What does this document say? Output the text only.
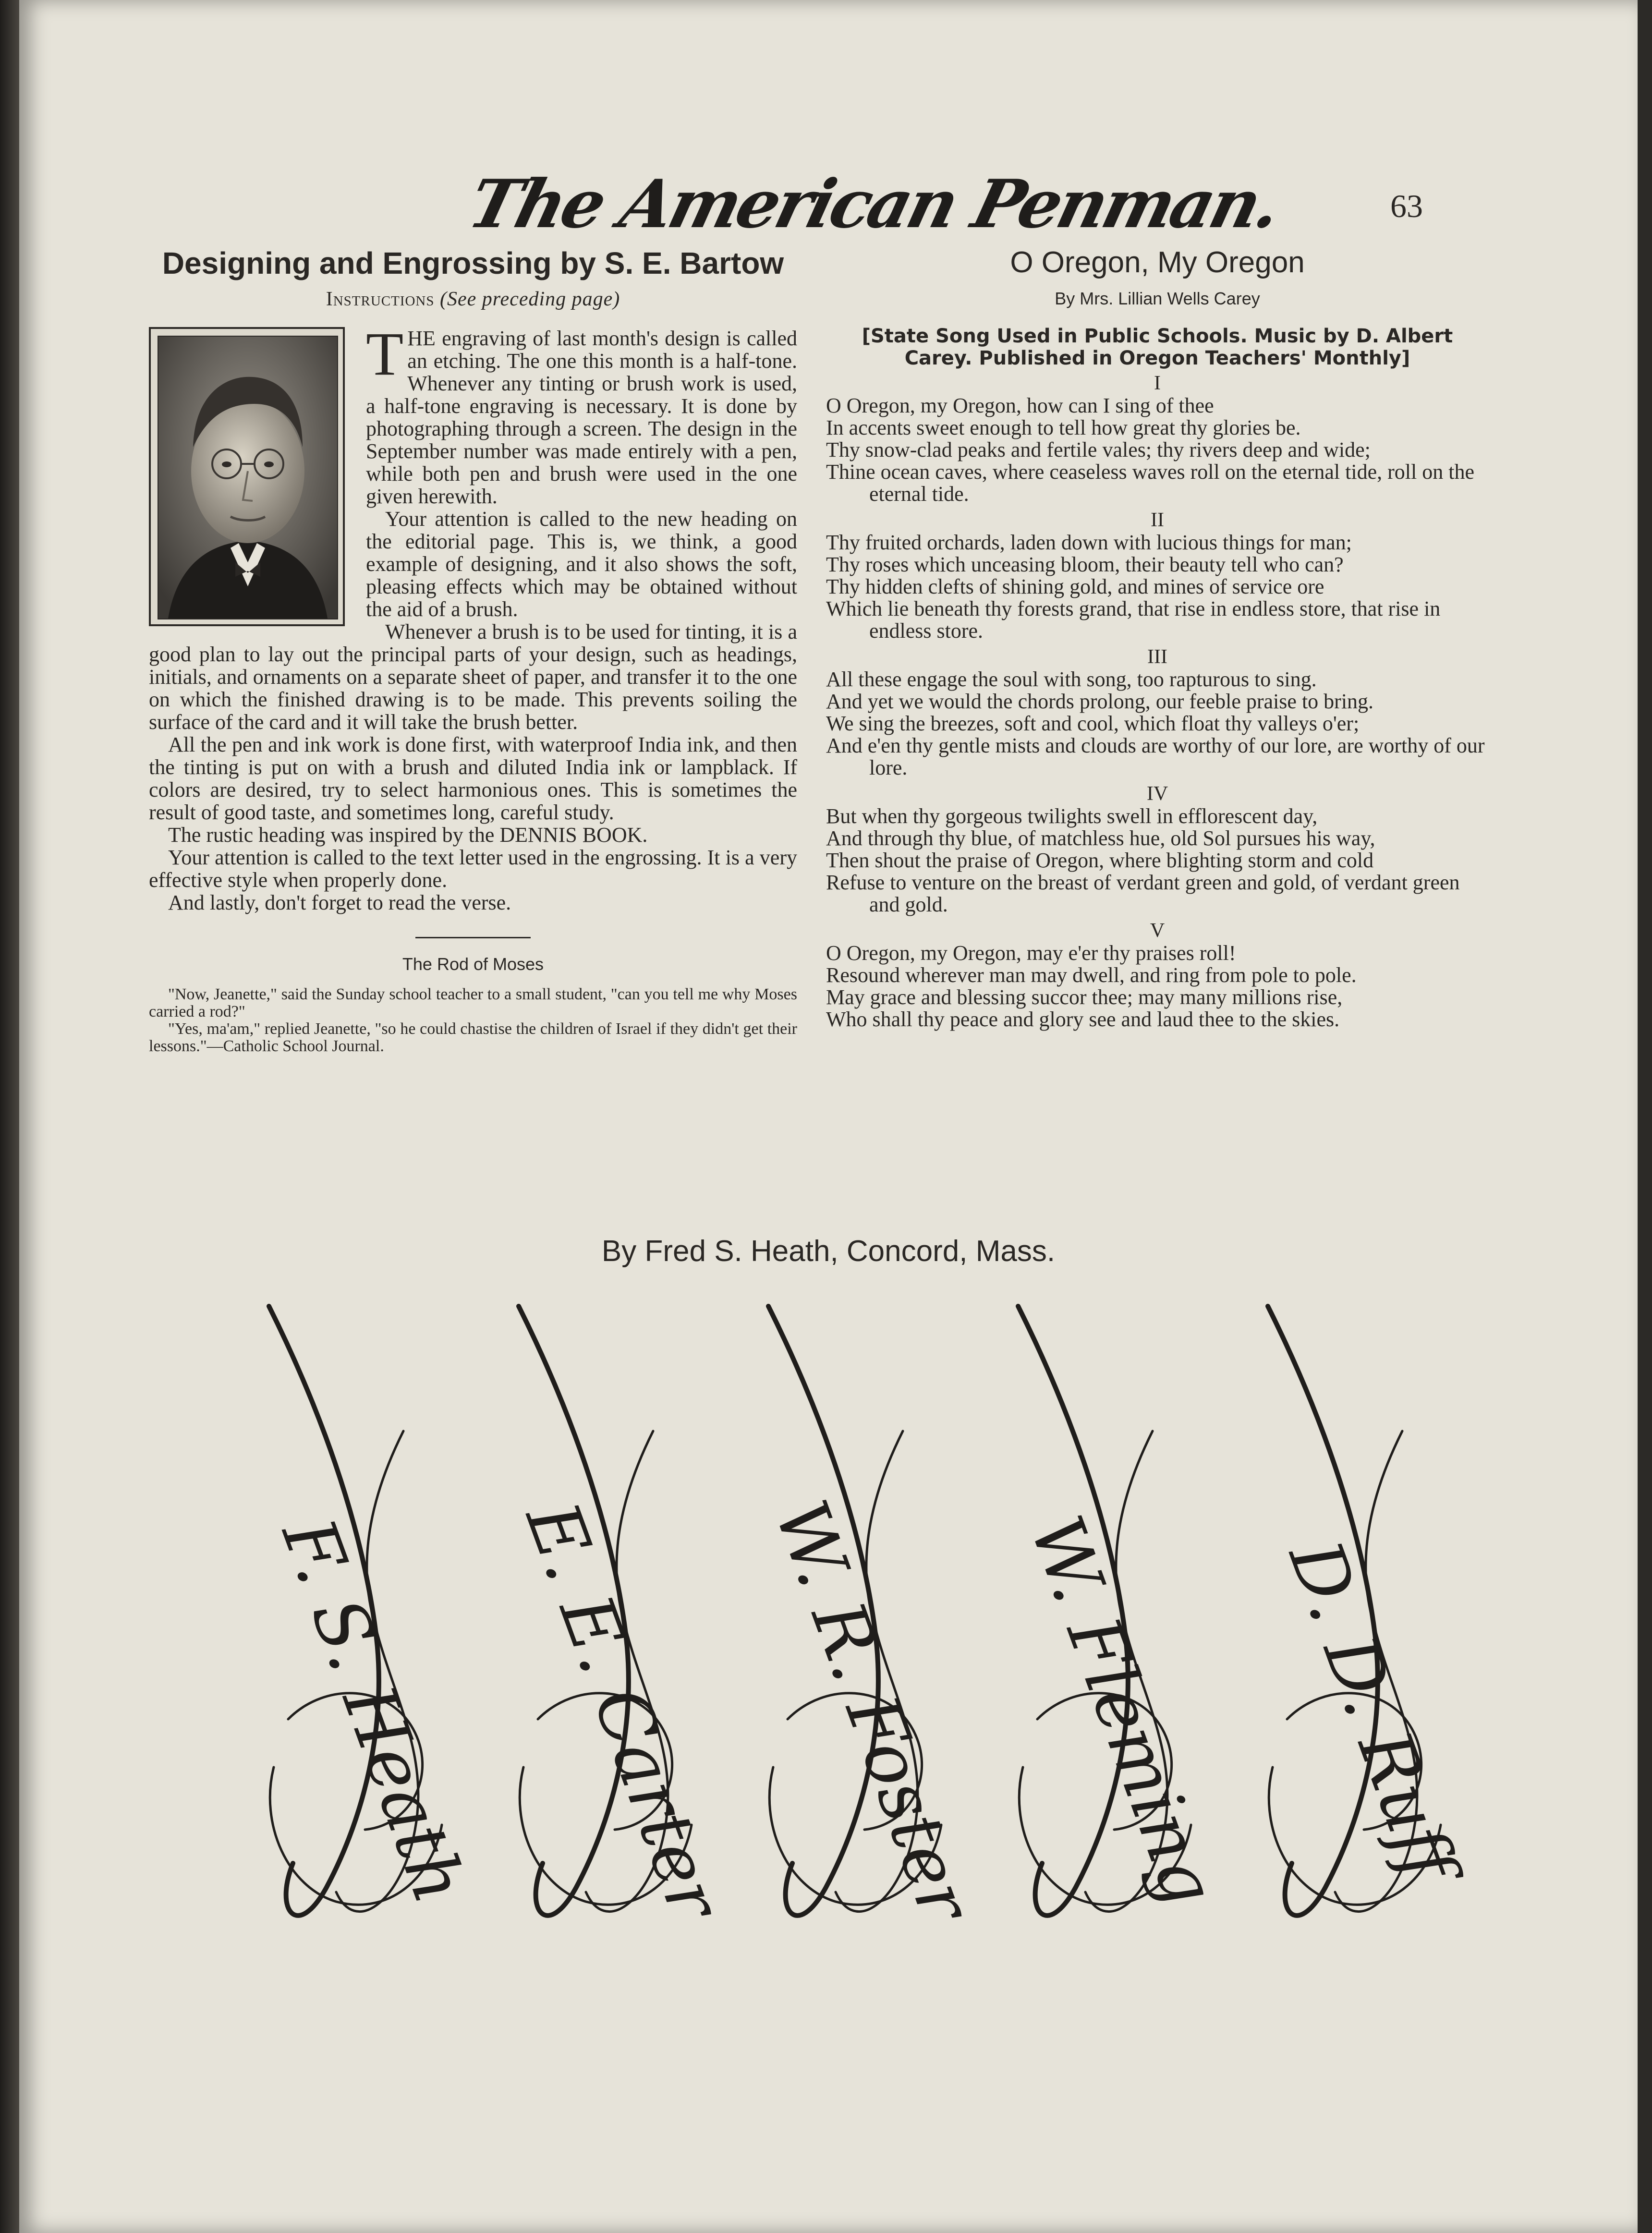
The American Penman.	63
Designing and Engrossing by S. E. Bartow
Instructions (See preceding page)

THE engraving of last month's design is called an etching. The one this month is a half-tone. Whenever any tinting or brush work is used, a half-tone engraving is necessary. It is done by photographing through a screen. The design in the September number was made entirely with a pen, while both pen and brush were used in the one given herewith.

Your attention is called to the new heading on the editorial page. This is, we think, a good example of designing, and it also shows the soft, pleasing effects which may be obtained without the aid of a brush.

Whenever a brush is to be used for tinting, it is a good plan to lay out the principal parts of your design, such as headings, initials, and ornaments on a separate sheet of paper, and transfer it to the one on which the finished drawing is to be made. This prevents soiling the surface of the card and it will take the brush better.

All the pen and ink work is done first, with waterproof India ink, and then the tinting is put on with a brush and diluted India ink or lampblack. If colors are desired, try to select harmonious ones. This is sometimes the result of good taste, and sometimes long, careful study.

The rustic heading was inspired by the DENNIS BOOK.

Your attention is called to the text letter used in the engrossing. It is a very effective style when properly done.

And lastly, don't forget to read the verse.

The Rod of Moses

"Now, Jeanette," said the Sunday school teacher to a small student, "can you tell me why Moses carried a rod?"

"Yes, ma'am," replied Jeanette, "so he could chastise the children of Israel if they didn't get their lessons."—Catholic School Journal.

O Oregon, My Oregon
By Mrs. Lillian Wells Carey
[State Song Used in Public Schools. Music by D. Albert Carey. Published in Oregon Teachers' Monthly]
I
O Oregon, my Oregon, how can I sing of thee
In accents sweet enough to tell how great thy glories be.
Thy snow-clad peaks and fertile vales; thy rivers deep and wide;
Thine ocean caves, where ceaseless waves roll on the eternal tide, roll on the eternal tide.
II
Thy fruited orchards, laden down with lucious things for man;
Thy roses which unceasing bloom, their beauty tell who can?
Thy hidden clefts of shining gold, and mines of service ore
Which lie beneath thy forests grand, that rise in endless store, that rise in endless store.
III
All these engage the soul with song, too rapturous to sing.
And yet we would the chords prolong, our feeble praise to bring.
We sing the breezes, soft and cool, which float thy valleys o'er;
And e'en thy gentle mists and clouds are worthy of our lore, are worthy of our lore.
IV
But when thy gorgeous twilights swell in efflorescent day,
And through thy blue, of matchless hue, old Sol pursues his way,
Then shout the praise of Oregon, where blighting storm and cold
Refuse to venture on the breast of verdant green and gold, of verdant green and gold.
V
O Oregon, my Oregon, may e'er thy praises roll!
Resound wherever man may dwell, and ring from pole to pole.
May grace and blessing succor thee; may many millions rise,
Who shall thy peace and glory see and laud thee to the skies.
By Fred S. Heath, Concord, Mass.
F. S. Heath E. E. Carter W. R. Foster W. Fleming D. D. Ruff
